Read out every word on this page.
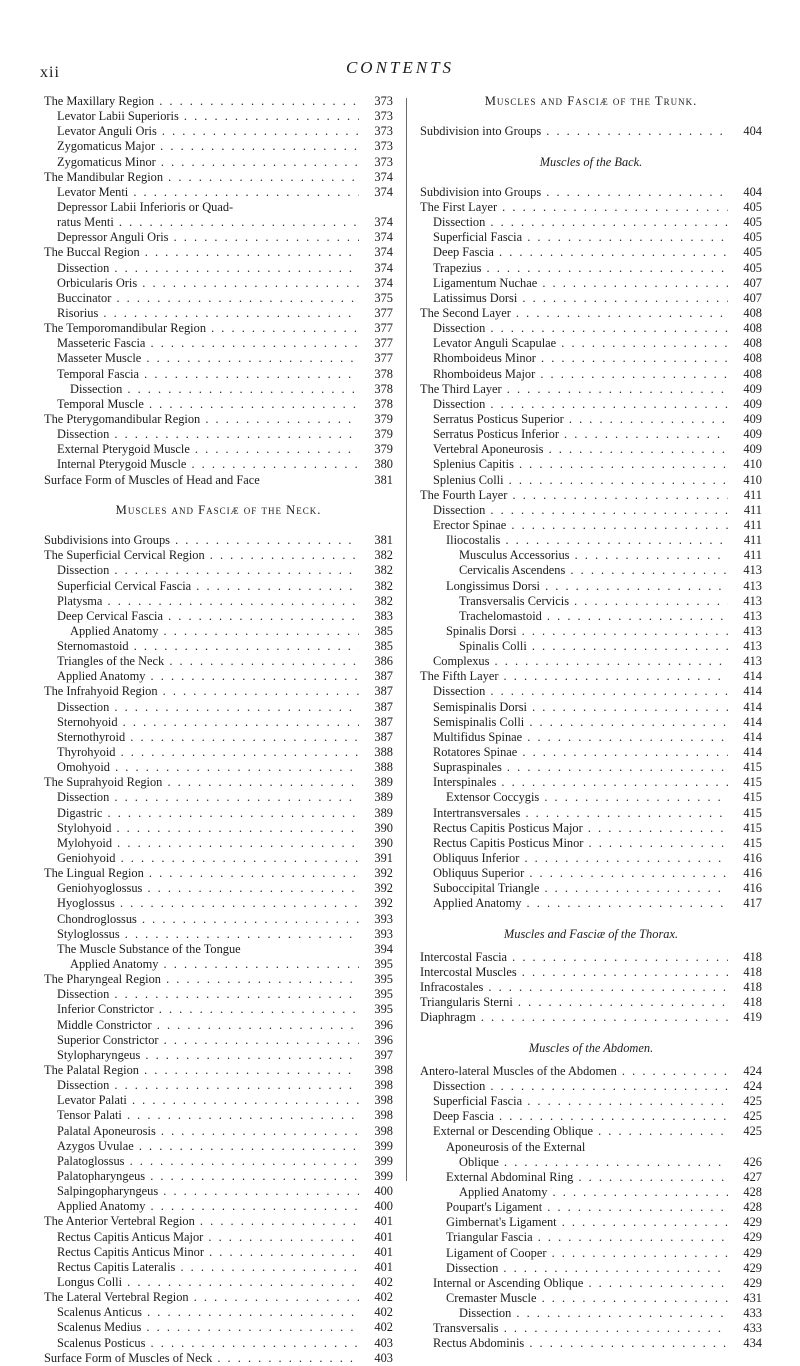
xii	CONTENTS
The Maxillary Region . . .	373
Levator Labii Superioris . . .	373
Levator Anguli Oris . . .	373
Zygomaticus Major . . .	373
Zygomaticus Minor . . .	373
The Mandibular Region . . .	374
Levator Menti . . .	374
Depressor Labii Inferioris or Quad-
ratus Menti . . .	374
Depressor Anguli Oris . . .	374
The Buccal Region . . .	374
Dissection . . .	374
Orbicularis Oris . . .	374
Buccinator . . .	375
Risorius . . .	377
The Temporomandibular Region . . .	377
Masseteric Fascia . . .	377
Masseter Muscle . . .	377
Temporal Fascia . . .	378
Dissection . . .	378
Temporal Muscle . . .	378
The Pterygomandibular Region . . .	379
Dissection . . .	379
External Pterygoid Muscle . . .	379
Internal Pterygoid Muscle . . .	380
Surface Form of Muscles of Head and Face	381
Muscles and Fasciæ of the Neck.
Subdivisions into Groups . . .	381
The Superficial Cervical Region . . .	382
Dissection . . .	382
Superficial Cervical Fascia . . .	382
Platysma . . .	382
Deep Cervical Fascia . . .	383
Applied Anatomy . . .	385
Sternomastoid . . .	385
Triangles of the Neck . . .	386
Applied Anatomy . . .	387
The Infrahyoid Region . . .	387
Dissection . . .	387
Sternohyoid . . .	387
Sternothyroid . . .	387
Thyrohyoid . . .	388
Omohyoid . . .	388
The Suprahyoid Region . . .	389
Dissection . . .	389
Digastric . . .	389
Stylohyoid . . .	390
Mylohyoid . . .	390
Geniohyoid . . .	391
The Lingual Region . . .	392
Geniohyoglossus . . .	392
Hyoglossus . . .	392
Chondroglossus . . .	393
Styloglossus . . .	393
The Muscle Substance of the Tongue	394
Applied Anatomy . . .	395
The Pharyngeal Region . . .	395
Dissection . . .	395
Inferior Constrictor . . .	395
Middle Constrictor . . .	396
Superior Constrictor . . .	396
Stylopharyngeus . . .	397
The Palatal Region . . .	398
Dissection . . .	398
Levator Palati . . .	398
Tensor Palati . . .	398
Palatal Aponeurosis . . .	398
Azygos Uvulae . . .	399
Palatoglossus . . .	399
Palatopharyngeus . . .	399
Salpingopharyngeus . . .	400
Applied Anatomy . . .	400
The Anterior Vertebral Region . . .	401
Rectus Capitis Anticus Major . . .	401
Rectus Capitis Anticus Minor . . .	401
Rectus Capitis Lateralis . . .	401
Longus Colli . . .	402
The Lateral Vertebral Region . . .	402
Scalenus Anticus . . .	402
Scalenus Medius . . .	402
Scalenus Posticus . . .	403
Surface Form of Muscles of Neck . . .	403
Muscles and Fasciæ of the Trunk.
Subdivision into Groups . . .	404
Muscles of the Back.
Subdivision into Groups . . .	404
The First Layer . . .	405
Dissection . . .	405
Superficial Fascia . . .	405
Deep Fascia . . .	405
Trapezius . . .	405
Ligamentum Nuchae . . .	407
Latissimus Dorsi . . .	407
The Second Layer . . .	408
Dissection . . .	408
Levator Anguli Scapulae . . .	408
Rhomboideus Minor . . .	408
Rhomboideus Major . . .	408
The Third Layer . . .	409
Dissection . . .	409
Serratus Posticus Superior . . .	409
Serratus Posticus Inferior . . .	409
Vertebral Aponeurosis . . .	409
Splenius Capitis . . .	410
Splenius Colli . . .	410
The Fourth Layer . . .	411
Dissection . . .	411
Erector Spinae . . .	411
Iliocostalis . . .	411
Musculus Accessorius . . .	411
Cervicalis Ascendens . . .	413
Longissimus Dorsi . . .	413
Transversalis Cervicis . . .	413
Trachelomastoid . . .	413
Spinalis Dorsi . . .	413
Spinalis Colli . . .	413
Complexus . . .	413
The Fifth Layer . . .	414
Dissection . . .	414
Semispinalis Dorsi . . .	414
Semispinalis Colli . . .	414
Multifidus Spinae . . .	414
Rotatores Spinae . . .	414
Supraspinales . . .	415
Interspinales . . .	415
Extensor Coccygis . . .	415
Intertransversales . . .	415
Rectus Capitis Posticus Major . . .	415
Rectus Capitis Posticus Minor . . .	415
Obliquus Inferior . . .	416
Obliquus Superior . . .	416
Suboccipital Triangle . . .	416
Applied Anatomy . . .	417
Muscles and Fasciæ of the Thorax.
Intercostal Fascia . . .	418
Intercostal Muscles . . .	418
Infracostales . . .	418
Triangularis Sterni . . .	418
Diaphragm . . .	419
Muscles of the Abdomen.
Antero-lateral Muscles of the Abdomen . . .	424
Dissection . . .	424
Superficial Fascia . . .	425
Deep Fascia . . .	425
External or Descending Oblique . . .	425
Aponeurosis of the External
Oblique . . .	426
External Abdominal Ring . . .	427
Applied Anatomy . . .	428
Poupart's Ligament . . .	428
Gimbernat's Ligament . . .	429
Triangular Fascia . . .	429
Ligament of Cooper . . .	429
Dissection . . .	429
Internal or Ascending Oblique . . .	429
Cremaster Muscle . . .	431
Dissection . . .	433
Transversalis . . .	433
Rectus Abdominis . . .	434
